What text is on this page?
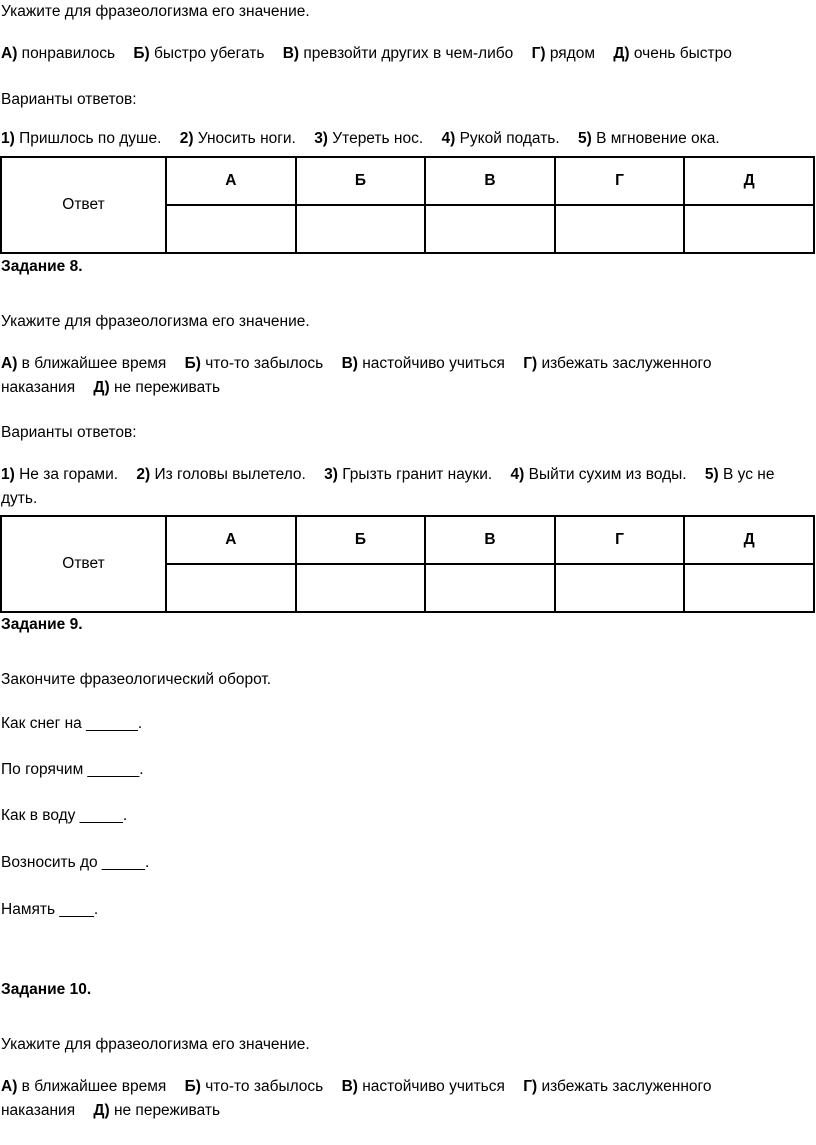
Укажите для фразеологизма его значение.
А) понравилось Б) быстро убегать В) превзойти других в чем-либо Г) рядом Д) очень быстро
Варианты ответов:
1) Пришлось по душе. 2) Уносить ноги. 3) Утереть нос. 4) Рукой подать. 5) В мгновение ока.
Ответ	А	Б	В	Г	Д

Задание 8.
Укажите для фразеологизма его значение.
А) в ближайшее время Б) что-то забылось В) настойчиво учиться Г) избежать заслуженного
наказания Д) не переживать
Варианты ответов:
1) Не за горами. 2) Из головы вылетело. 3) Грызть гранит науки. 4) Выйти сухим из воды. 5) В ус не
дуть.
Ответ	А	Б	В	Г	Д

Задание 9.
Закончите фразеологический оборот.
Как снег на ______.
По горячим ______.
Как в воду _____.
Возносить до _____.
Намять ____.
Задание 10.
Укажите для фразеологизма его значение.
А) в ближайшее время Б) что-то забылось В) настойчиво учиться Г) избежать заслуженного
наказания Д) не переживать
